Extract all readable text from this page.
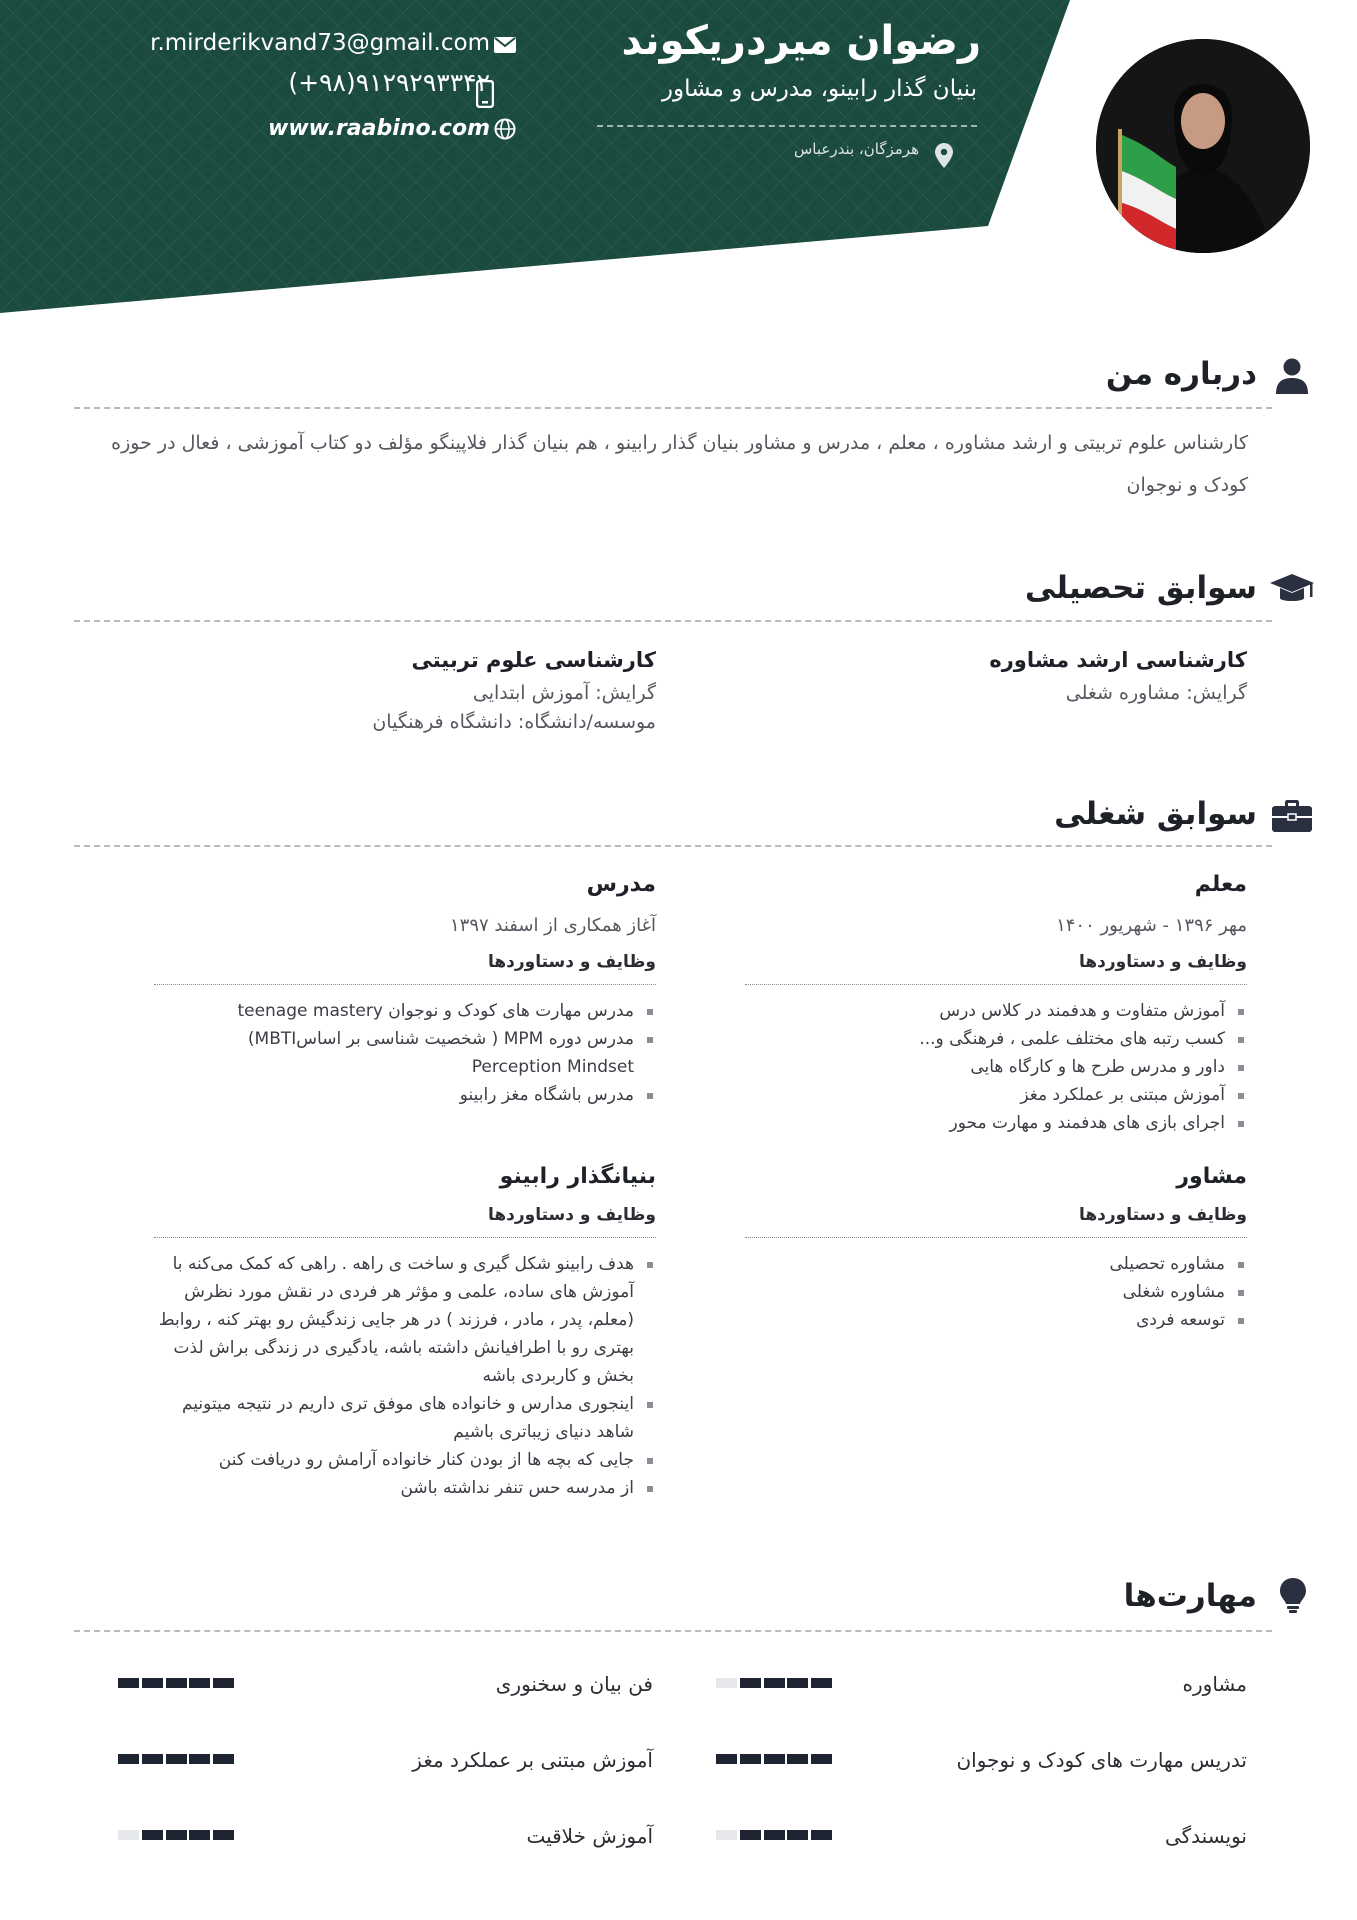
رضوان میردریکوند
بنیان گذار رابینو، مدرس و مشاور
هرمزگان، بندرعباس
r.mirderikvand73@gmail.com
(+۹۸)۹۱۲۹۲۹۳۳۴۲
www.raabino.com
درباره من
کارشناس علوم تربیتی و ارشد مشاوره ، معلم ، مدرس و مشاور بنیان گذار رابینو ، هم بنیان گذار فلاپینگو مؤلف دو کتاب آموزشی ، فعال در حوزه کودک و نوجوان
سوابق تحصیلی
کارشناسی ارشد مشاوره
گرایش: مشاوره شغلی
کارشناسی علوم تربیتی
گرایش: آموزش ابتدایی
موسسه/دانشگاه: دانشگاه فرهنگیان
سوابق شغلی
معلم
مهر ۱۳۹۶ - شهریور ۱۴۰۰
وظایف و دستاوردها
آموزش متفاوت و هدفمند در کلاس درس
کسب رتبه های مختلف علمی ، فرهنگی و...
داور و مدرس طرح ها و کارگاه هایی
آموزش مبتنی بر عملکرد مغز
اجرای بازی های هدفمند و مهارت محور
مدرس
آغاز همکاری از اسفند ۱۳۹۷
وظایف و دستاوردها
مدرس مهارت های کودک و نوجوان teenage mastery
مدرس دوره MPM ( شخصیت شناسی بر اساسMBTI) Perception Mindset
مدرس باشگاه مغز رابینو
مشاور
وظایف و دستاوردها
مشاوره تحصیلی
مشاوره شغلی
توسعه فردی
بنیانگذار رابینو
وظایف و دستاوردها
هدف رابینو شکل گیری و ساخت ی راهه . راهی که کمک می‌کنه با آموزش های ساده، علمی و مؤثر هر فردی در نقش مورد نظرش (معلم، پدر ، مادر ، فرزند ) در هر جایی زندگیش رو بهتر کنه ، روابط بهتری رو با اطرافیانش داشته باشه، یادگیری در زندگی براش لذت بخش و کاربردی باشه
اینجوری مدارس و خانواده های موفق تری داریم در نتیجه میتونیم شاهد دنیای زیباتری باشیم
جایی که بچه ها از بودن کنار خانواده آرامش رو دریافت کنن
از مدرسه حس تنفر نداشته باشن
مهارت‌ها
مشاوره
فن بیان و سخنوری
تدریس مهارت های کودک و نوجوان
آموزش مبتنی بر عملکرد مغز
نویسندگی
آموزش خلاقیت
